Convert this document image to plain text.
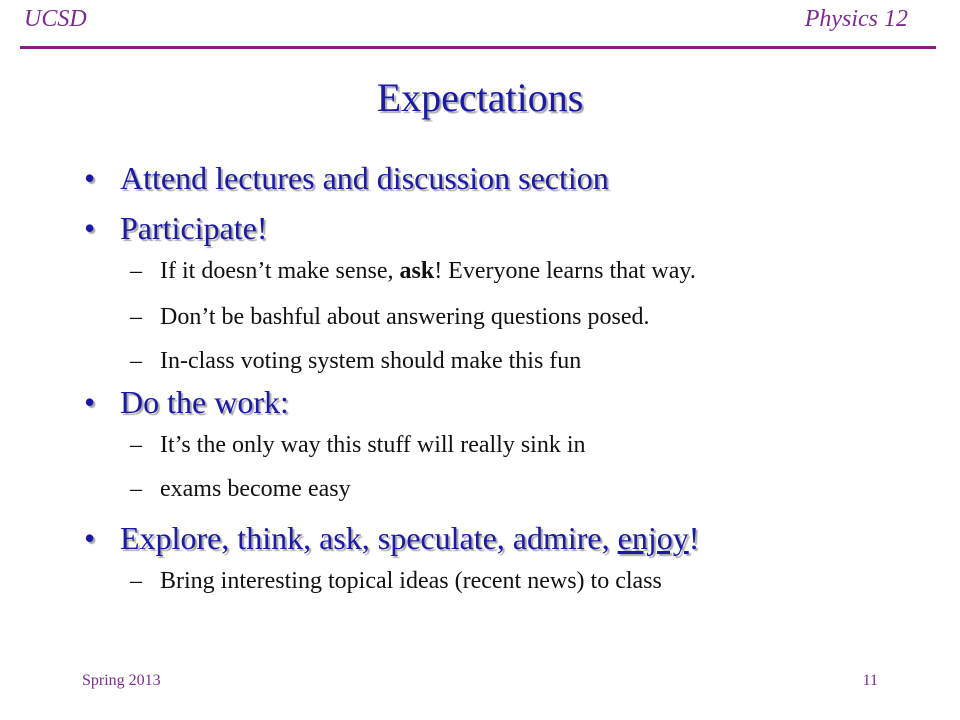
UCSD	Physics 12
Expectations
• Attend lectures and discussion section
• Participate!
– If it doesn’t make sense, ask! Everyone learns that way.
– Don’t be bashful about answering questions posed.
– In-class voting system should make this fun
• Do the work:
– It’s the only way this stuff will really sink in
– exams become easy
• Explore, think, ask, speculate, admire, enjoy!
– Bring interesting topical ideas (recent news) to class
Spring 2013	11
